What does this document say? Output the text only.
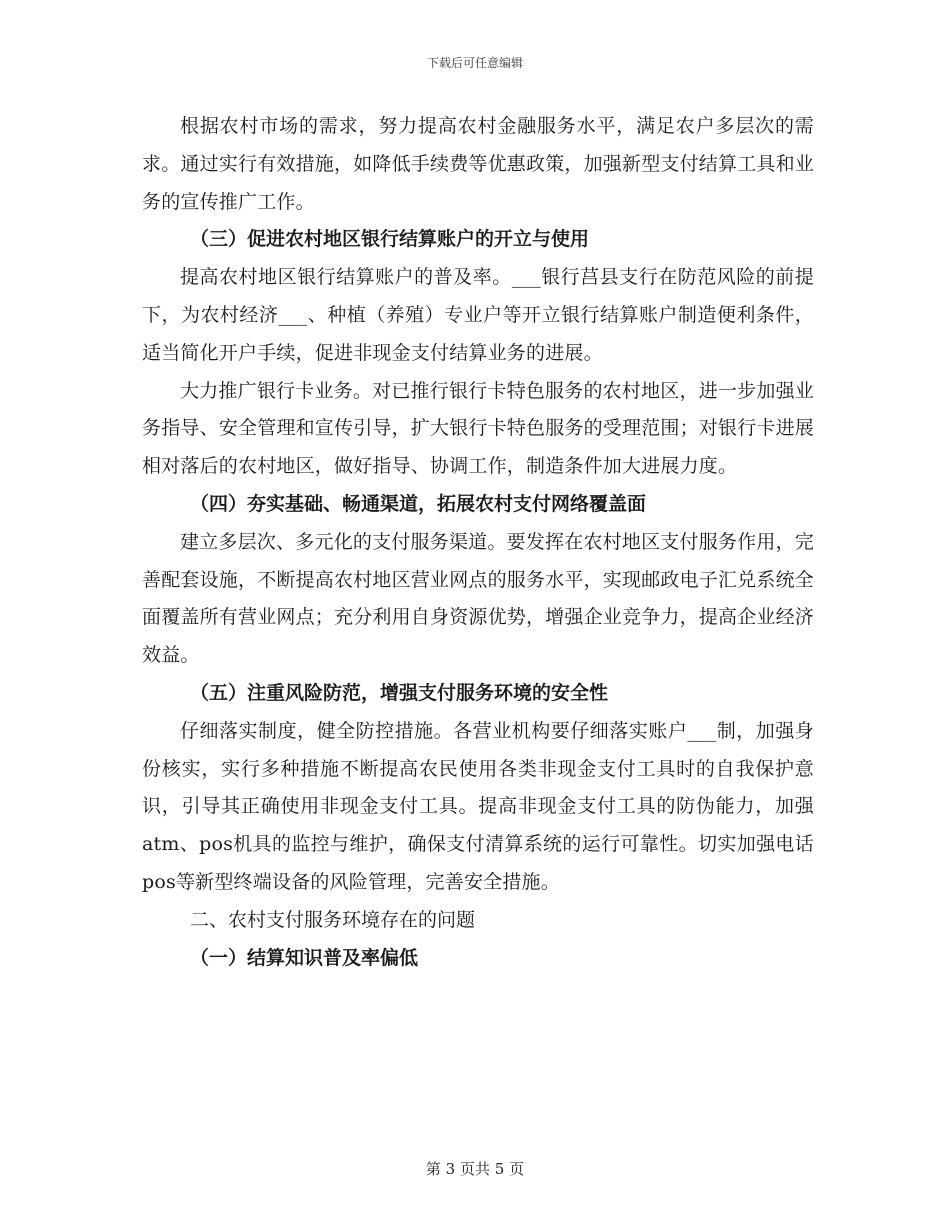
下载后可任意编辑

根据农村市场的需求，努力提高农村金融服务水平，满足农户多层次的需求。通过实行有效措施，如降低手续费等优惠政策，加强新型支付结算工具和业务的宣传推广工作。

（三）促进农村地区银行结算账户的开立与使用

提高农村地区银行结算账户的普及率。___银行莒县支行在防范风险的前提下，为农村经济___、种植（养殖）专业户等开立银行结算账户制造便利条件，适当简化开户手续，促进非现金支付结算业务的进展。

大力推广银行卡业务。对已推行银行卡特色服务的农村地区，进一步加强业务指导、安全管理和宣传引导，扩大银行卡特色服务的受理范围；对银行卡进展相对落后的农村地区，做好指导、协调工作，制造条件加大进展力度。

（四）夯实基础、畅通渠道，拓展农村支付网络覆盖面

建立多层次、多元化的支付服务渠道。要发挥在农村地区支付服务作用，完善配套设施，不断提高农村地区营业网点的服务水平，实现邮政电子汇兑系统全面覆盖所有营业网点；充分利用自身资源优势，增强企业竞争力，提高企业经济效益。

（五）注重风险防范，增强支付服务环境的安全性

仔细落实制度，健全防控措施。各营业机构要仔细落实账户___制，加强身份核实，实行多种措施不断提高农民使用各类非现金支付工具时的自我保护意识，引导其正确使用非现金支付工具。提高非现金支付工具的防伪能力，加强atm、pos机具的监控与维护，确保支付清算系统的运行可靠性。切实加强电话pos等新型终端设备的风险管理，完善安全措施。

二、农村支付服务环境存在的问题

（一）结算知识普及率偏低

第 3 页共 5 页
